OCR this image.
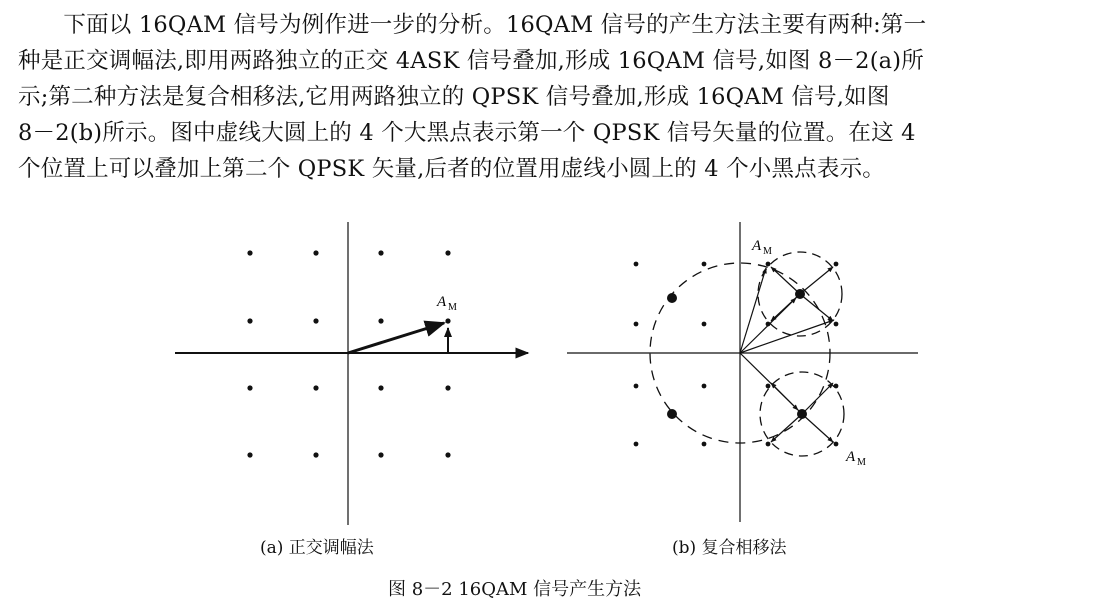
　　下面以 16QAM 信号为例作进一步的分析。16QAM 信号的产生方法主要有两种:第一
种是正交调幅法,即用两路独立的正交 4ASK 信号叠加,形成 16QAM 信号,如图 8－2(a)所
示;第二种方法是复合相移法,它用两路独立的 QPSK 信号叠加,形成 16QAM 信号,如图
8－2(b)所示。图中虚线大圆上的 4 个大黑点表示第一个 QPSK 信号矢量的位置。在这 4
个位置上可以叠加上第二个 QPSK 矢量,后者的位置用虚线小圆上的 4 个小黑点表示。
A M
A M
A M
(a) 正交调幅法	(b) 复合相移法
图 8－2 16QAM 信号产生方法
